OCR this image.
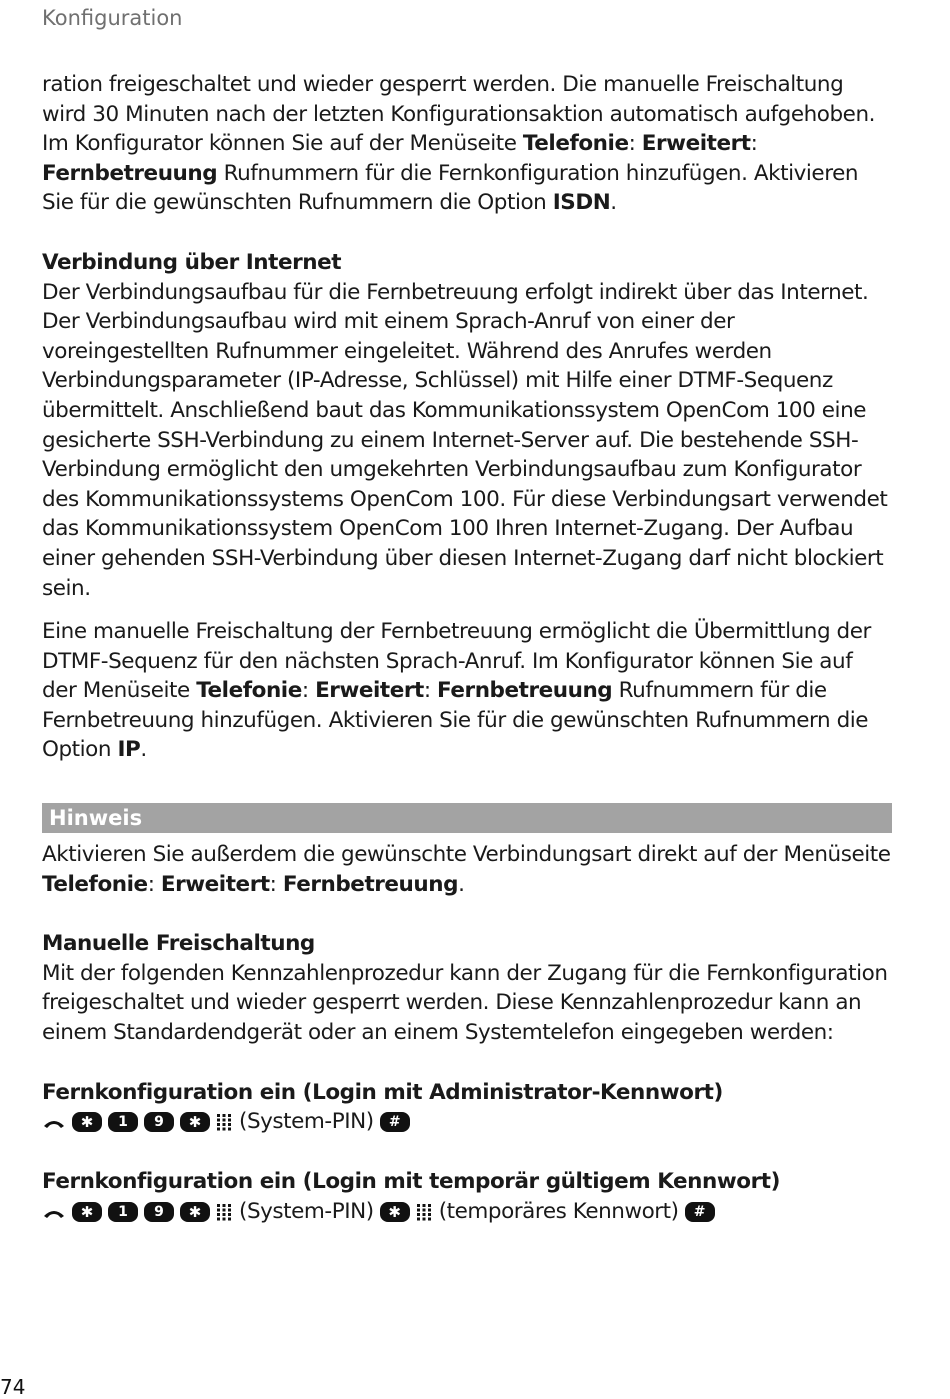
Konfiguration

ration freigeschaltet und wieder gesperrt werden. Die manuelle Freischaltung wird 30 Minuten nach der letzten Konfigurationsaktion automatisch aufgehoben. Im Konfigurator können Sie auf der Menüseite Telefonie: Erweitert: Fernbetreuung Rufnummern für die Fernkonfiguration hinzufügen. Aktivieren Sie für die gewünschten Rufnummern die Option ISDN.

Verbindung über Internet

Der Verbindungsaufbau für die Fernbetreuung erfolgt indirekt über das Internet. Der Verbindungsaufbau wird mit einem Sprach-Anruf von einer der voreingestellten Rufnummer eingeleitet. Während des Anrufes werden Verbindungsparameter (IP-Adresse, Schlüssel) mit Hilfe einer DTMF-Sequenz übermittelt. Anschließend baut das Kommunikationssystem OpenCom 100 eine gesicherte SSH-Verbindung zu einem Internet-Server auf. Die bestehende SSH-Verbindung ermöglicht den umgekehrten Verbindungsaufbau zum Konfigurator des Kommunikationssystems OpenCom 100. Für diese Verbindungsart verwendet das Kommunikationssystem OpenCom 100 Ihren Internet-Zugang. Der Aufbau einer gehenden SSH-Verbindung über diesen Internet-Zugang darf nicht blockiert sein.

Eine manuelle Freischaltung der Fernbetreuung ermöglicht die Übermittlung der DTMF-Sequenz für den nächsten Sprach-Anruf. Im Konfigurator können Sie auf der Menüseite Telefonie: Erweitert: Fernbetreuung Rufnummern für die Fernbetreuung hinzufügen. Aktivieren Sie für die gewünschten Rufnummern die Option IP.

Hinweis

Aktivieren Sie außerdem die gewünschte Verbindungsart direkt auf der Menüseite Telefonie: Erweitert: Fernbetreuung.

Manuelle Freischaltung

Mit der folgenden Kennzahlenprozedur kann der Zugang für die Fernkonfiguration freigeschaltet und wieder gesperrt werden. Diese Kennzahlenprozedur kann an einem Standardendgerät oder an einem Systemtelefon eingegeben werden:

Fernkonfiguration ein (Login mit Administrator-Kennwort)

✱	1	9	✱	(System-PIN)	#

Fernkonfiguration ein (Login mit temporär gültigem Kennwort)

✱	1	9	✱	(System-PIN) ✱	(temporäres Kennwort)	#
74
